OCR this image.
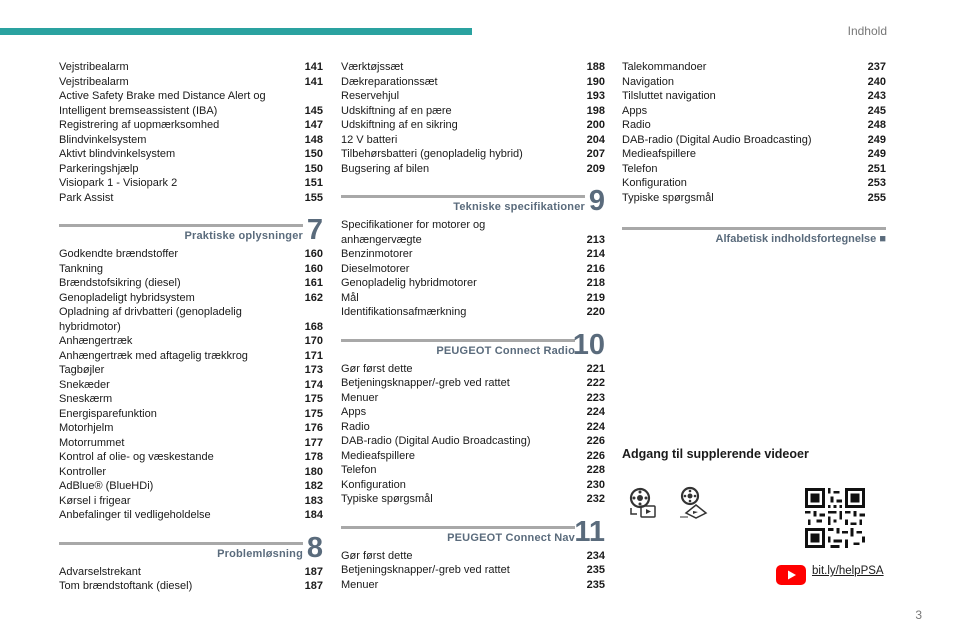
Indhold
Vejstribealarm	141
Vejstribealarm	141
Active Safety Brake med Distance Alert og
Intelligent bremseassistent (IBA)	145
Registrering af uopmærksomhed	147
Blindvinkelsystem	148
Aktivt blindvinkelsystem	150
Parkeringshjælp	150
Visiopark 1 - Visiopark 2	151
Park Assist	155
Praktiske oplysninger 7
Godkendte brændstoffer	160
Tankning	160
Brændstofsikring (diesel)	161
Genopladeligt hybridsystem	162
Opladning af drivbatteri (genopladelig
hybridmotor)	168
Anhængertræk	170
Anhængertræk med aftagelig trækkrog	171
Tagbøjler	173
Snekæder	174
Sneskærm	175
Energisparefunktion	175
Motorhjelm	176
Motorrummet	177
Kontrol af olie- og væskestande	178
Kontroller	180
AdBlue® (BlueHDi)	182
Kørsel i frigear	183
Anbefalinger til vedligeholdelse	184
Problemløsning 8
Advarselstrekant	187
Tom brændstoftank (diesel)	187
Værktøjssæt	188
Dækreparationssæt	190
Reservehjul	193
Udskiftning af en pære	198
Udskiftning af en sikring	200
12 V batteri	204
Tilbehørsbatteri (genopladelig hybrid)	207
Bugsering af bilen	209
Tekniske specifikationer 9
Specifikationer for motorer og
anhængervægte	213
Benzinmotorer	214
Dieselmotorer	216
Genopladelig hybridmotorer	218
Mål	219
Identifikationsafmærkning	220
PEUGEOT Connect Radio
10
Gør først dette	221
Betjeningsknapper/-greb ved rattet	222
Menuer	223
Apps	224
Radio	224
DAB-radio (Digital Audio Broadcasting)	226
Medieafspillere	226
Telefon	228
Konfiguration	230
Typiske spørgsmål	232
PEUGEOT Connect Nav 11
Gør først dette	234
Betjeningsknapper/-greb ved rattet	235
Menuer	235
Talekommandoer	237
Navigation	240
Tilsluttet navigation	243
Apps	245
Radio	248
DAB-radio (Digital Audio Broadcasting)	249
Medieafspillere	249
Telefon	251
Konfiguration	253
Typiske spørgsmål	255
Alfabetisk indholdsfortegnelse ■
Adgang til supplerende videoer
bit.ly/helpPSA
3
